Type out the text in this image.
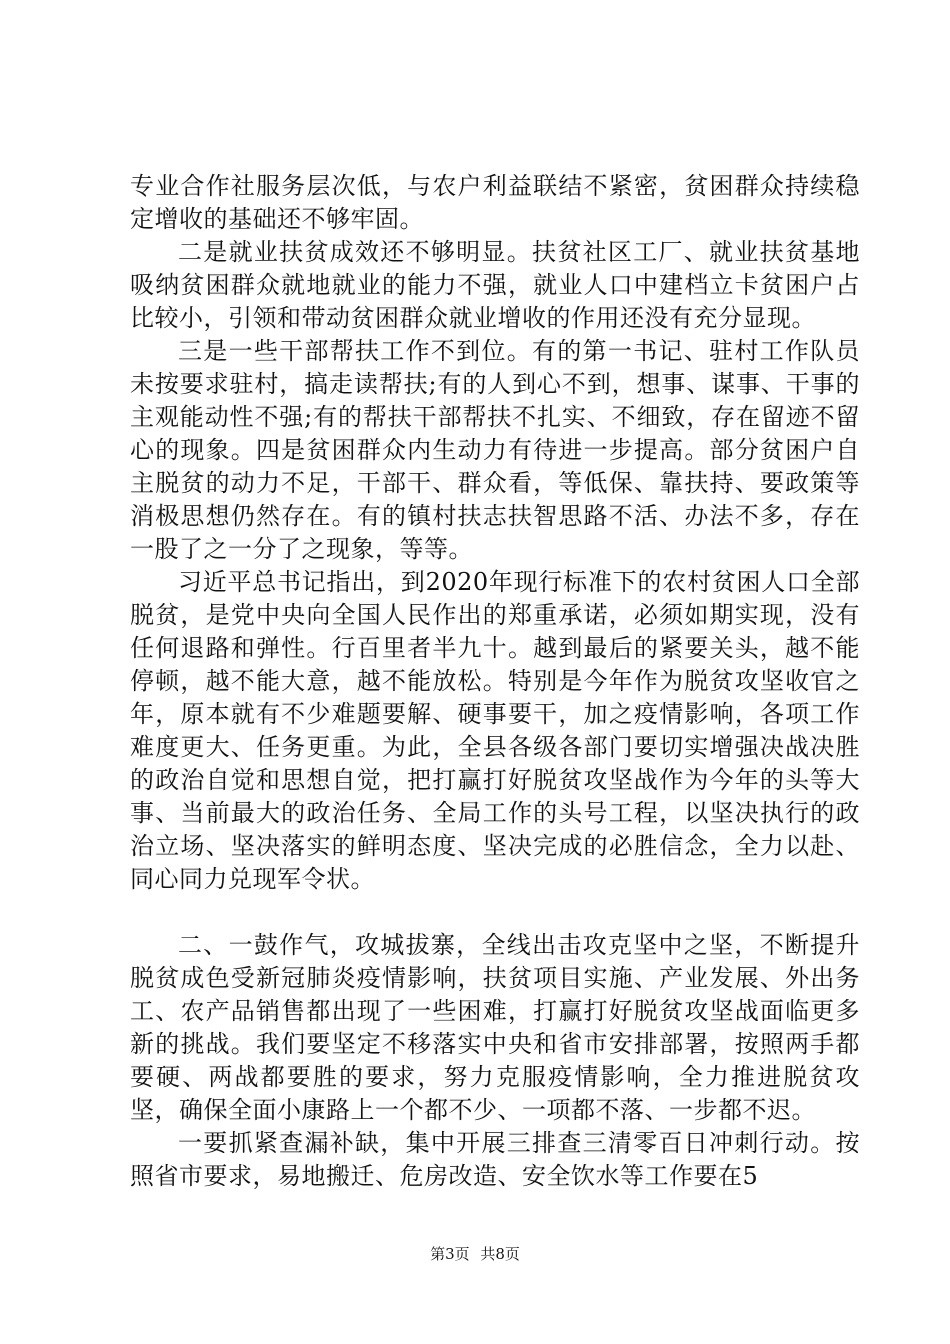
专业合作社服务层次低，与农户利益联结不紧密，贫困群众持续稳定增收的基础还不够牢固。

二是就业扶贫成效还不够明显。扶贫社区工厂、就业扶贫基地吸纳贫困群众就地就业的能力不强，就业人口中建档立卡贫困户占比较小，引领和带动贫困群众就业增收的作用还没有充分显现。

三是一些干部帮扶工作不到位。有的第一书记、驻村工作队员未按要求驻村，搞走读帮扶;有的人到心不到，想事、谋事、干事的主观能动性不强;有的帮扶干部帮扶不扎实、不细致，存在留迹不留心的现象。四是贫困群众内生动力有待进一步提高。部分贫困户自主脱贫的动力不足，干部干、群众看，等低保、靠扶持、要政策等消极思想仍然存在。有的镇村扶志扶智思路不活、办法不多，存在一股了之一分了之现象，等等。

习近平总书记指出，到2020年现行标准下的农村贫困人口全部脱贫，是党中央向全国人民作出的郑重承诺，必须如期实现，没有任何退路和弹性。行百里者半九十。越到最后的紧要关头，越不能停顿，越不能大意，越不能放松。特别是今年作为脱贫攻坚收官之年，原本就有不少难题要解、硬事要干，加之疫情影响，各项工作难度更大、任务更重。为此，全县各级各部门要切实增强决战决胜的政治自觉和思想自觉，把打赢打好脱贫攻坚战作为今年的头等大事、当前最大的政治任务、全局工作的头号工程，以坚决执行的政治立场、坚决落实的鲜明态度、坚决完成的必胜信念，全力以赴、同心同力兑现军令状。

二、一鼓作气，攻城拔寨，全线出击攻克坚中之坚，不断提升脱贫成色受新冠肺炎疫情影响，扶贫项目实施、产业发展、外出务工、农产品销售都出现了一些困难，打赢打好脱贫攻坚战面临更多新的挑战。我们要坚定不移落实中央和省市安排部署，按照两手都要硬、两战都要胜的要求，努力克服疫情影响，全力推进脱贫攻坚，确保全面小康路上一个都不少、一项都不落、一步都不迟。

一要抓紧查漏补缺，集中开展三排查三清零百日冲刺行动。按照省市要求，易地搬迁、危房改造、安全饮水等工作要在5

第3页 共8页
